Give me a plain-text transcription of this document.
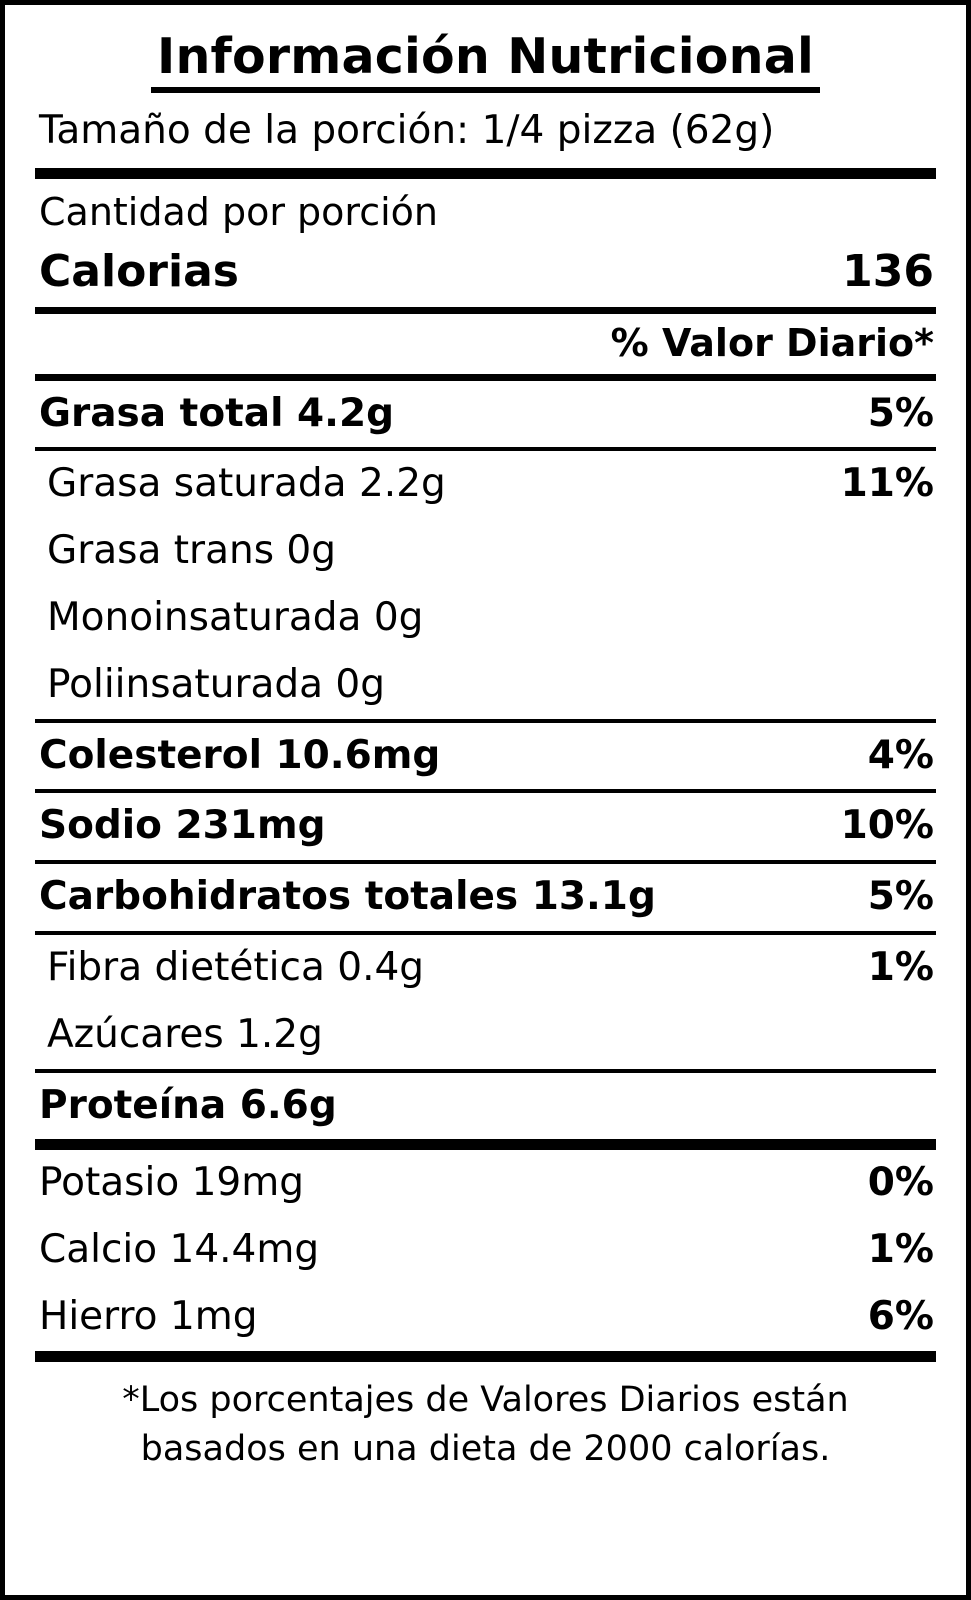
Información Nutricional
Tamaño de la porción: 1/4 pizza (62g)
Cantidad por porción
Calorias	136
% Valor Diario*
Grasa total 4.2g	5%
Grasa saturada 2.2g	11%
Grasa trans 0g
Monoinsaturada 0g
Poliinsaturada 0g
Colesterol 10.6mg	4%
Sodio 231mg	10%
Carbohidratos totales 13.1g	5%
Fibra dietética 0.4g	1%
Azúcares 1.2g
Proteína 6.6g
Potasio 19mg	0%
Calcio 14.4mg	1%
Hierro 1mg	6%
*Los porcentajes de Valores Diarios están
basados en una dieta de 2000 calorías.
